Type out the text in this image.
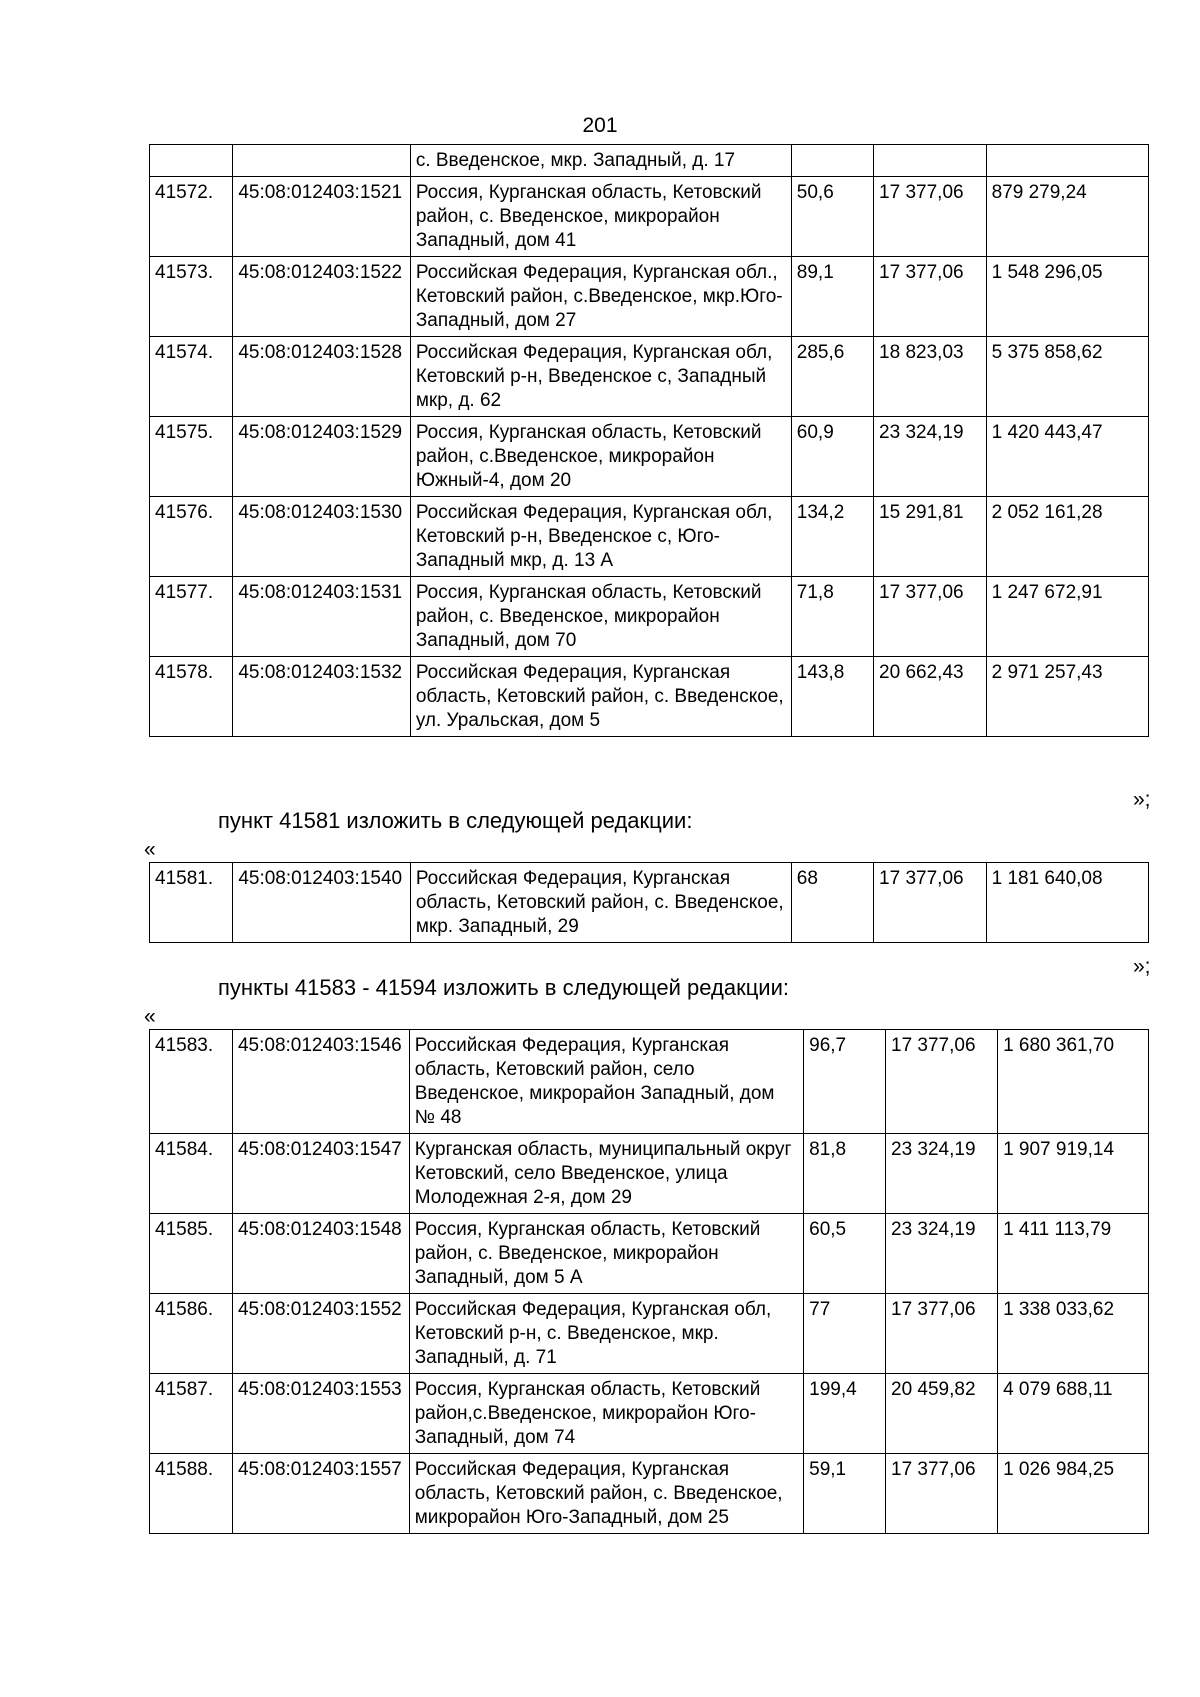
201
		с. Введенское, мкр. Западный, д. 17			
41572.	45:08:012403:1521	Россия, Курганская область, Кетовский район, с. Введенское, микрорайон Западный, дом 41	50,6	17 377,06	879 279,24
41573.	45:08:012403:1522	Российская Федерация, Курганская обл., Кетовский район, с.Введенское, мкр.Юго-Западный, дом 27	89,1	17 377,06	1 548 296,05
41574.	45:08:012403:1528	Российская Федерация, Курганская обл, Кетовский р-н, Введенское с, Западный мкр, д. 62	285,6	18 823,03	5 375 858,62
41575.	45:08:012403:1529	Россия, Курганская область, Кетовский район, с.Введенское, микрорайон Южный-4, дом 20	60,9	23 324,19	1 420 443,47
41576.	45:08:012403:1530	Российская Федерация, Курганская обл, Кетовский р-н, Введенское с, Юго-Западный мкр, д. 13 А	134,2	15 291,81	2 052 161,28
41577.	45:08:012403:1531	Россия, Курганская область, Кетовский район, с. Введенское, микрорайон Западный, дом 70	71,8	17 377,06	1 247 672,91
41578.	45:08:012403:1532	Российская Федерация, Курганская область, Кетовский район, с. Введенское, ул. Уральская, дом 5	143,8	20 662,43	2 971 257,43
»;
пункт 41581 изложить в следующей редакции:
«
41581.	45:08:012403:1540	Российская Федерация, Курганская область, Кетовский район, с. Введенское, мкр. Западный, 29	68	17 377,06	1 181 640,08
»;
пункты 41583 - 41594 изложить в следующей редакции:
«
41583.	45:08:012403:1546	Российская Федерация, Курганская область, Кетовский район, село Введенское, микрорайон Западный, дом № 48	96,7	17 377,06	1 680 361,70
41584.	45:08:012403:1547	Курганская область, муниципальный округ Кетовский, село Введенское, улица Молодежная 2-я, дом 29	81,8	23 324,19	1 907 919,14
41585.	45:08:012403:1548	Россия, Курганская область, Кетовский район, с. Введенское, микрорайон Западный, дом 5 А	60,5	23 324,19	1 411 113,79
41586.	45:08:012403:1552	Российская Федерация, Курганская обл, Кетовский р-н, с. Введенское, мкр. Западный, д. 71	77	17 377,06	1 338 033,62
41587.	45:08:012403:1553	Россия, Курганская область, Кетовский район,с.Введенское, микрорайон Юго-Западный, дом 74	199,4	20 459,82	4 079 688,11
41588.	45:08:012403:1557	Российская Федерация, Курганская область, Кетовский район, с. Введенское, микрорайон Юго-Западный, дом 25	59,1	17 377,06	1 026 984,25
